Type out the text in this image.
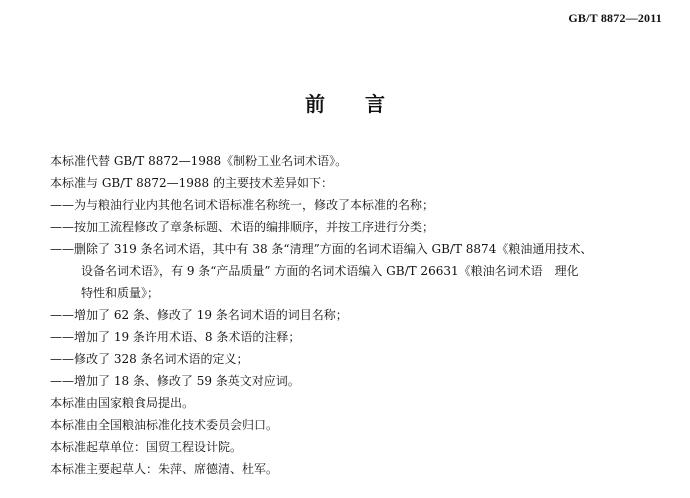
GB/T 8872—2011
前 言
本标准代替 GB/T 8872—1988《制粉工业名词术语》。
本标准与 GB/T 8872—1988 的主要技术差异如下：
——为与粮油行业内其他名词术语标准名称统一，修改了本标准的名称；
——按加工流程修改了章条标题、术语的编排顺序，并按工序进行分类；
——删除了 319 条名词术语，其中有 38 条“清理”方面的名词术语编入 GB/T 8874《粮油通用技术、
设备名词术语》，有 9 条“产品质量” 方面的名词术语编入 GB/T 26631《粮油名词术语　理化
特性和质量》；
——增加了 62 条、修改了 19 条名词术语的词目名称；
——增加了 19 条许用术语、8 条术语的注释；
——修改了 328 条名词术语的定义；
——增加了 18 条、修改了 59 条英文对应词。
本标准由国家粮食局提出。
本标准由全国粮油标准化技术委员会归口。
本标准起草单位：国贸工程设计院。
本标准主要起草人：朱萍、席德清、杜军。
